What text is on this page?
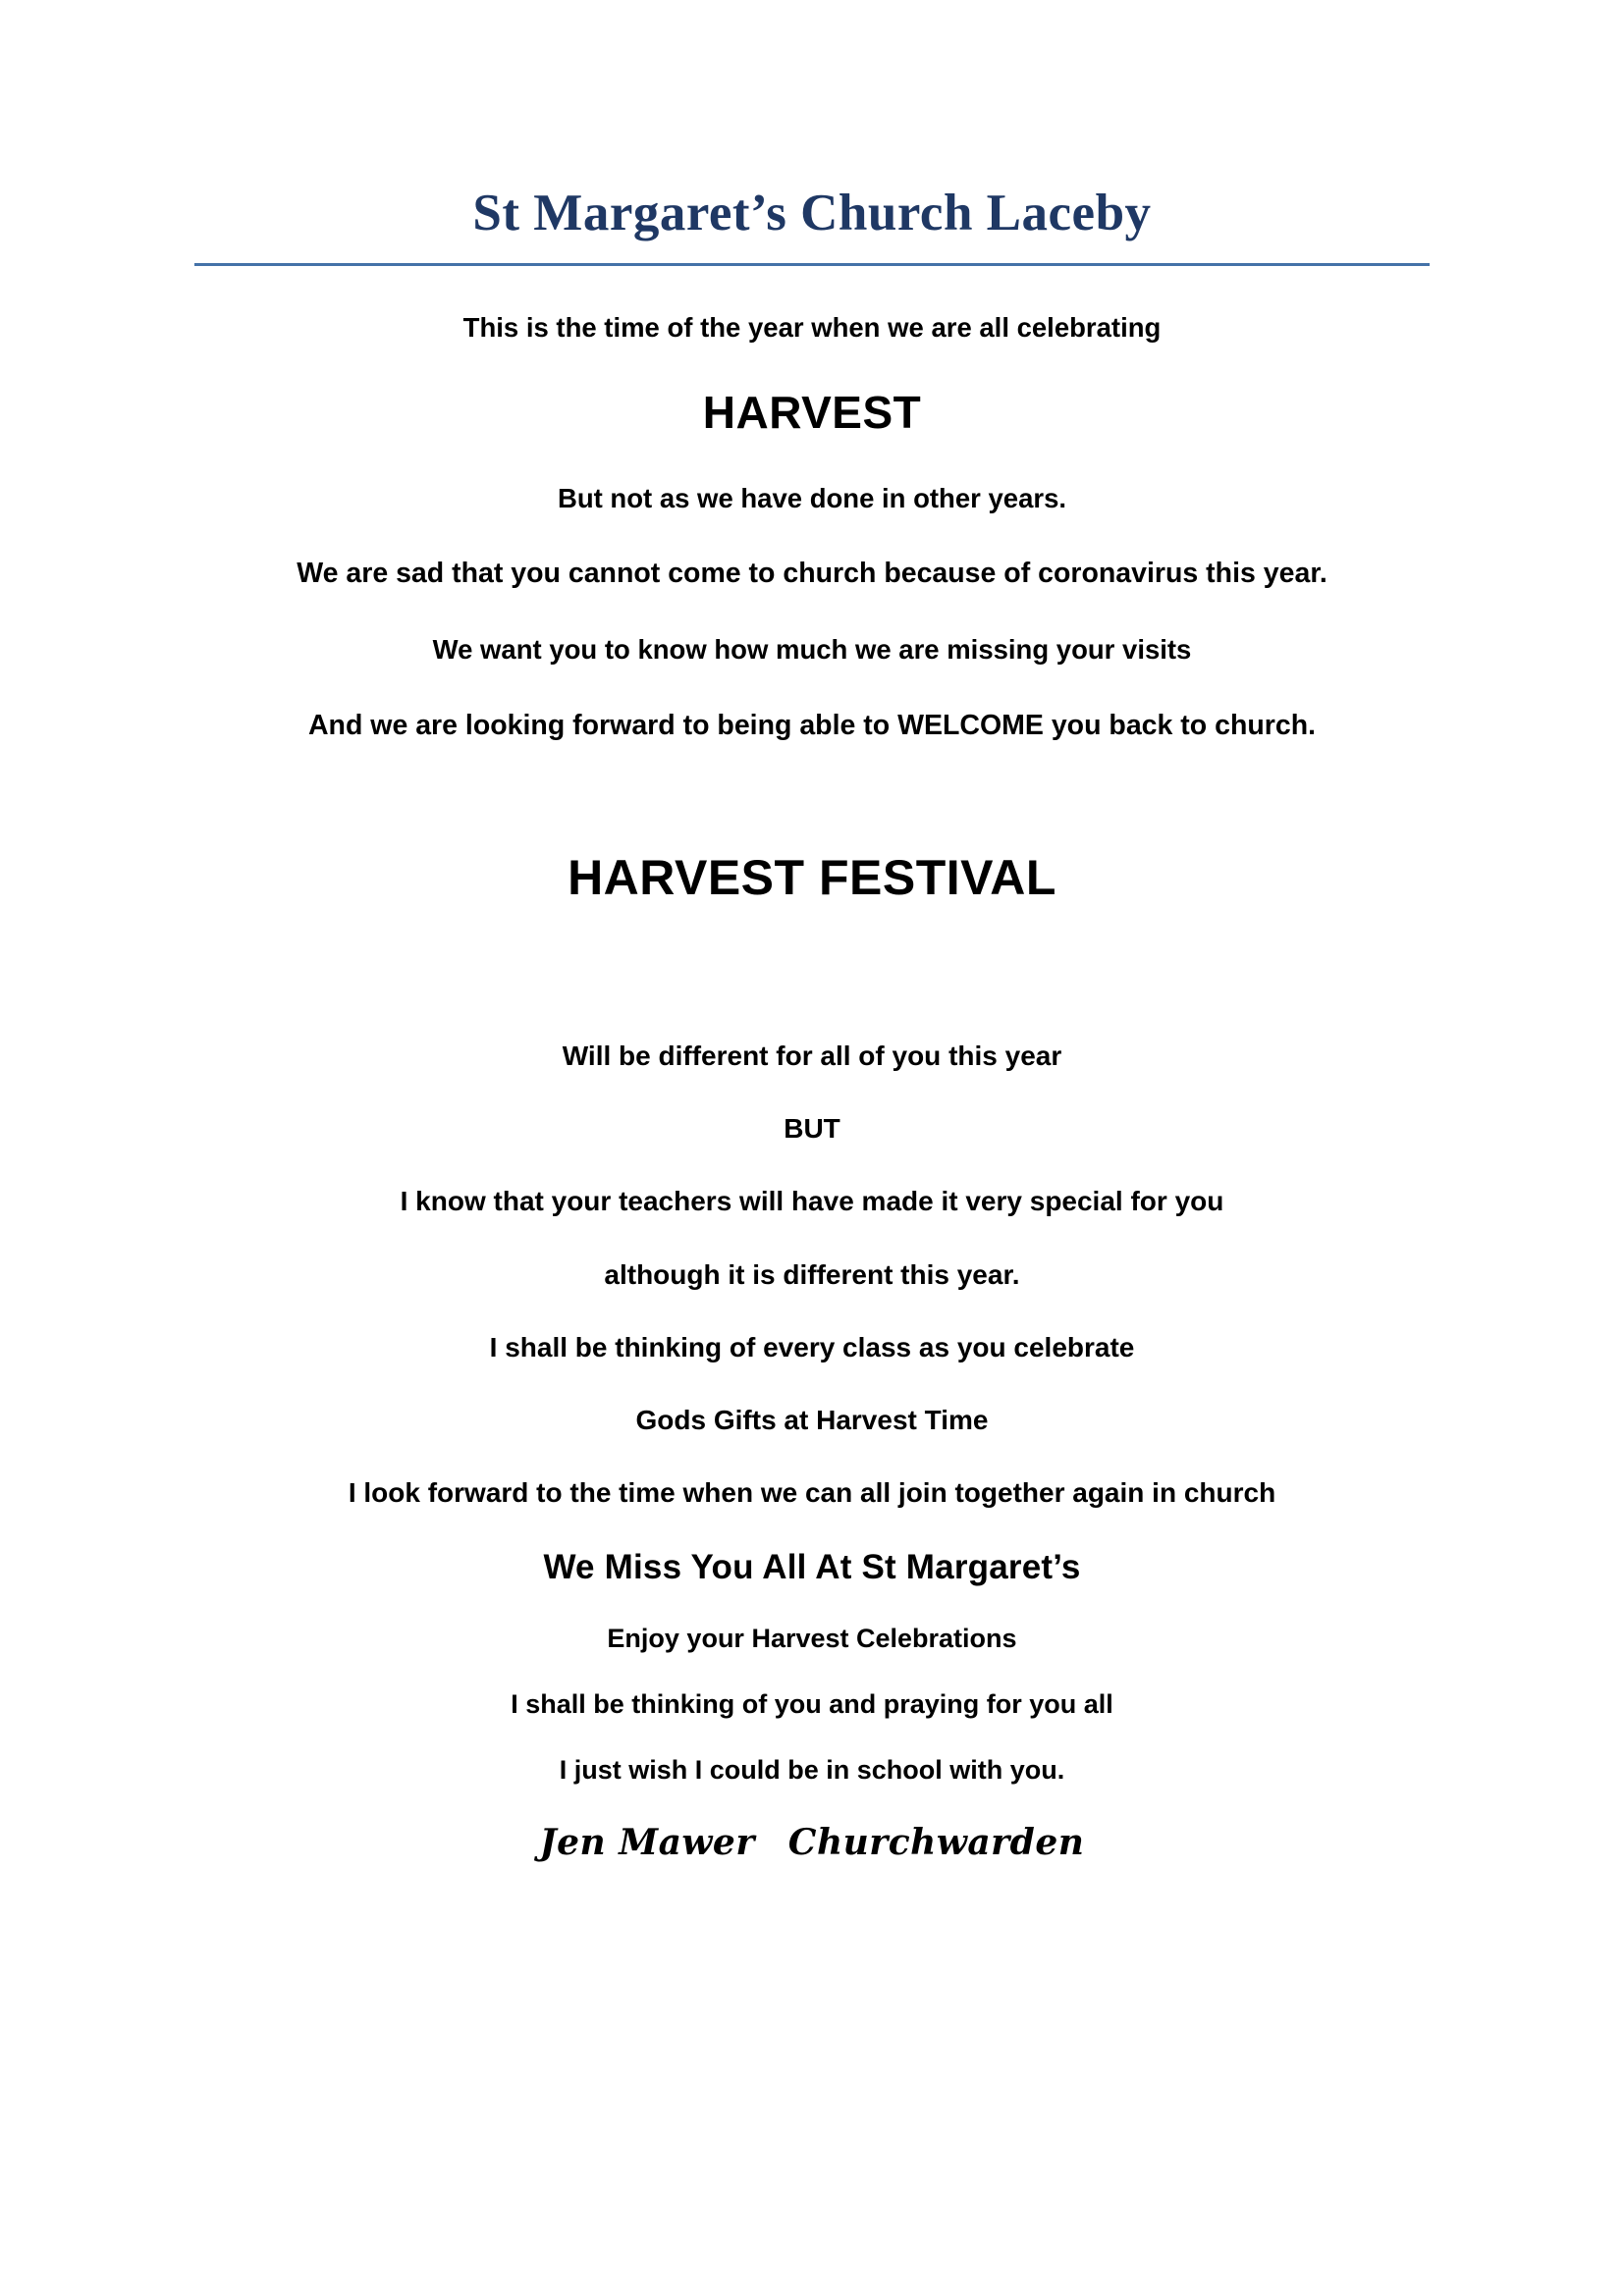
St Margaret’s Church Laceby

This is the time of the year when we are all celebrating

HARVEST

But not as we have done in other years.

We are sad that you cannot come to church because of coronavirus this year.

We want you to know how much we are missing your visits

And we are looking forward to being able to WELCOME you back to church.

HARVEST FESTIVAL

Will be different for all of you this year

BUT

I know that your teachers will have made it very special for you

although it is different this year.

I shall be thinking of every class as you celebrate

Gods Gifts at Harvest Time

I look forward to the time when we can all join together again in church

We Miss You All At St Margaret’s

Enjoy your Harvest Celebrations

I shall be thinking of you and praying for you all

I just wish I could be in school with you.

Jen Mawer Churchwarden
